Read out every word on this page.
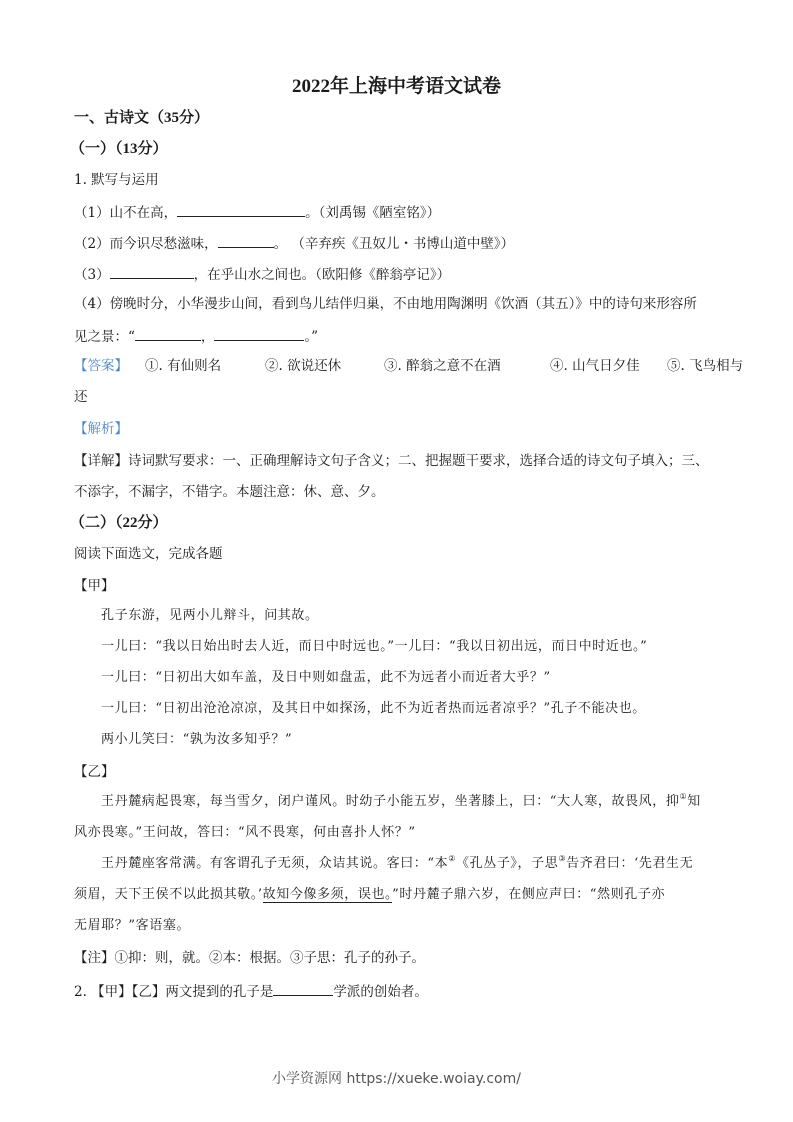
2022年上海中考语文试卷
一、古诗文（35分）
（一）（13分）
1. 默写与运用
（1）山不在高，	。（刘禹锡《陋室铭》）
（2）而今识尽愁滋味，	。 （辛弃疾《丑奴儿・书博山道中壁》）
（3）	，在乎山水之间也。（欧阳修《醉翁亭记》）
（4）傍晚时分，小华漫步山间，看到鸟儿结伴归巢，不由地用陶渊明《饮酒（其五）》中的诗句来形容所
见之景：“	，	。”
【答案】 ①. 有仙则名	②. 欲说还休	③. 醉翁之意不在酒	④. 山气日夕佳 ⑤. 飞鸟相与
还
【解析】
【详解】诗词默写要求：一、正确理解诗文句子含义；二、把握题干要求，选择合适的诗文句子填入；三、
不添字，不漏字，不错字。本题注意：休、意、夕。
（二）（22分）
阅读下面选文，完成各题
【甲】
孔子东游，见两小儿辩斗，问其故。
一儿曰：“我以日始出时去人近，而日中时远也。”一儿曰：“我以日初出远，而日中时近也。”
一儿曰：“日初出大如车盖，及日中则如盘盂，此不为远者小而近者大乎？”
一儿曰：“日初出沧沧凉凉，及其日中如探汤，此不为近者热而远者凉乎？”孔子不能决也。
两小儿笑曰：“孰为汝多知乎？”
【乙】
王丹麓病起畏寒，每当雪夕，闭户谨风。时幼子小能五岁，坐著膝上，曰：“大人寒，故畏风，抑①知
风亦畏寒。”王问故，答曰：“风不畏寒，何由喜扑人怀？”
王丹麓座客常满。有客谓孔子无须，众诘其说。客曰：“本②《孔丛子》，子思③告齐君曰：‘先君生无
须眉，天下王侯不以此损其敬。’故知今像多须，误也。”时丹麓子鼎六岁，在侧应声曰：“然则孔子亦
无眉耶？”客语塞。
【注】①抑：则，就。②本：根据。③子思：孔子的孙子。
2. 【甲】【乙】两文提到的孔子是	学派的创始者。
小学资源网 https://xueke.woiay.com/
